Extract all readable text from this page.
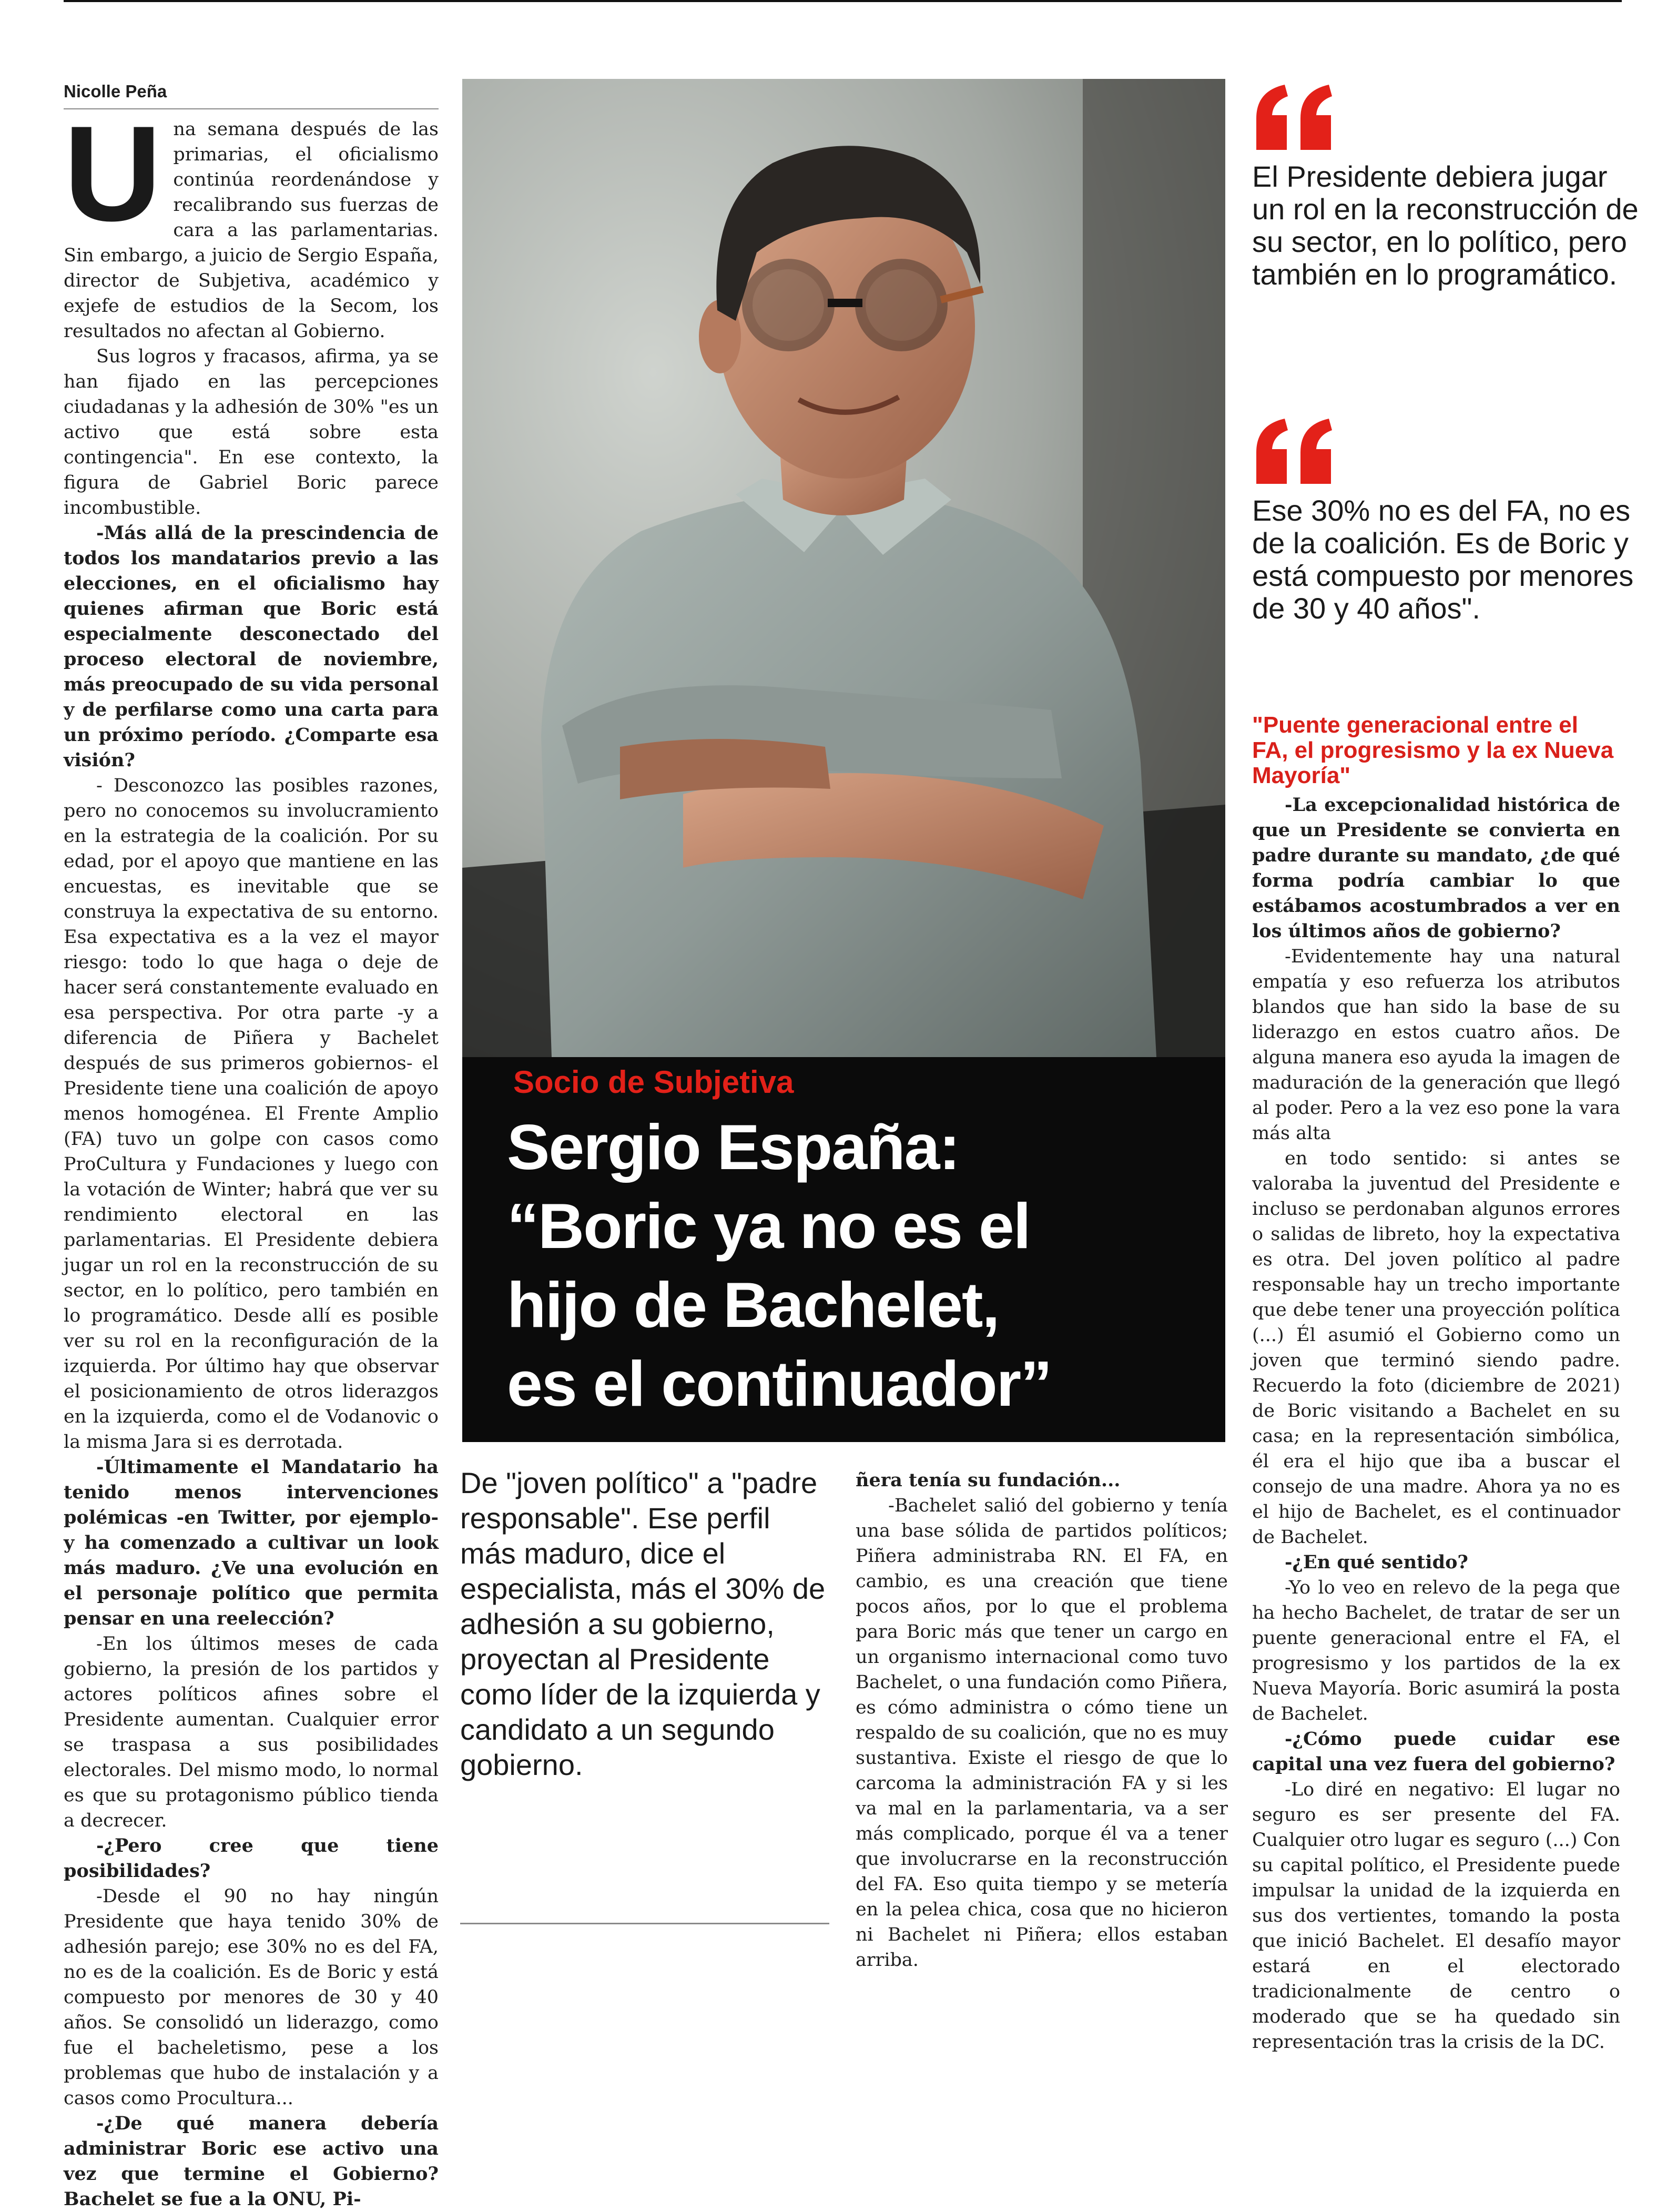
Nicolle Peña
U na semana después de las primarias, el oficialismo continúa reordenándose y recalibrando sus fuerzas de cara a las parlamentarias. Sin embargo, a juicio de Sergio España, director de Subjetiva, académico y exjefe de estudios de la Secom, los resultados no afectan al Gobierno.

Sus logros y fracasos, afirma, ya se han fijado en las percepciones ciudadanas y la adhesión de 30% "es un activo que está sobre esta contingencia". En ese contexto, la figura de Gabriel Boric parece incombustible.

-Más allá de la prescindencia de todos los mandatarios previo a las elecciones, en el oficialismo hay quienes afirman que Boric está especialmente desconectado del proceso electoral de noviembre, más preocupado de su vida personal y de perfilarse como una carta para un próximo período. ¿Comparte esa visión?

- Desconozco las posibles razones, pero no conocemos su involucramiento en la estrategia de la coalición. Por su edad, por el apoyo que mantiene en las encuestas, es inevitable que se construya la expectativa de su entorno. Esa expectativa es a la vez el mayor riesgo: todo lo que haga o deje de hacer será constantemente evaluado en esa perspectiva. Por otra parte -y a diferencia de Piñera y Bachelet después de sus primeros gobiernos- el Presidente tiene una coalición de apoyo menos homogénea. El Frente Amplio (FA) tuvo un golpe con casos como ProCultura y Fundaciones y luego con la votación de Winter; habrá que ver su rendimiento electoral en las parlamentarias. El Presidente debiera jugar un rol en la reconstrucción de su sector, en lo político, pero también en lo programático. Desde allí es posible ver su rol en la reconfiguración de la izquierda. Por último hay que observar el posicionamiento de otros liderazgos en la izquierda, como el de Vodanovic o la misma Jara si es derrotada.

-Últimamente el Mandatario ha tenido menos intervenciones polémicas -en Twitter, por ejemplo- y ha comenzado a cultivar un look más maduro. ¿Ve una evolución en el personaje político que permita pensar en una reelección?

-En los últimos meses de cada gobierno, la presión de los partidos y actores políticos afines sobre el Presidente aumentan. Cualquier error se traspasa a sus posibilidades electorales. Del mismo modo, lo normal es que su protagonismo público tienda a decrecer.

-¿Pero cree que tiene posibilidades?

-Desde el 90 no hay ningún Presidente que haya tenido 30% de adhesión parejo; ese 30% no es del FA, no es de la coalición. Es de Boric y está compuesto por menores de 30 y 40 años. Se consolidó un liderazgo, como fue el bacheletismo, pese a los problemas que hubo de instalación y a casos como Procultura...

-¿De qué manera debería administrar Boric ese activo una vez que termine el Gobierno? Bachelet se fue a la ONU, Pi-

Socio de Subjetiva
Sergio España:
“Boric ya no es el
hijo de Bachelet,
es el continuador”
De "joven político" a "padre responsable". Ese perfil más maduro, dice el especialista, más el 30% de adhesión a su gobierno, proyectan al Presidente como líder de la izquierda y candidato a un segundo gobierno.

ñera tenía su fundación...

-Bachelet salió del gobierno y tenía una base sólida de partidos políticos; Piñera administraba RN. El FA, en cambio, es una creación que tiene pocos años, por lo que el problema para Boric más que tener un cargo en un organismo internacional como tuvo Bachelet, o una fundación como Piñera, es cómo administra o cómo tiene un respaldo de su coalición, que no es muy sustantiva. Existe el riesgo de que lo carcoma la administración FA y si les va mal en la parlamentaria, va a ser más complicado, porque él va a tener que involucrarse en la reconstrucción del FA. Eso quita tiempo y se metería en la pelea chica, cosa que no hicieron ni Bachelet ni Piñera; ellos estaban arriba.

El Presidente debiera jugar un rol en la reconstrucción de su sector, en lo político, pero también en lo programático.
Ese 30% no es del FA, no es de la coalición. Es de Boric y está compuesto por menores de 30 y 40 años".
"Puente generacional entre el FA, el progresismo y la ex Nueva Mayoría"

-La excepcionalidad histórica de que un Presidente se convierta en padre durante su mandato, ¿de qué forma podría cambiar lo que estábamos acostumbrados a ver en los últimos años de gobierno?

-Evidentemente hay una natural empatía y eso refuerza los atributos blandos que han sido la base de su liderazgo en estos cuatro años. De alguna manera eso ayuda la imagen de maduración de la generación que llegó al poder. Pero a la vez eso pone la vara más alta

en todo sentido: si antes se valoraba la juventud del Presidente e incluso se perdonaban algunos errores o salidas de libreto, hoy la expectativa es otra. Del joven político al padre responsable hay un trecho importante que debe tener una proyección política (...) Él asumió el Gobierno como un joven que terminó siendo padre. Recuerdo la foto (diciembre de 2021) de Boric visitando a Bachelet en su casa; en la representación simbólica, él era el hijo que iba a buscar el consejo de una madre. Ahora ya no es el hijo de Bachelet, es el continuador de Bachelet.

-¿En qué sentido?

-Yo lo veo en relevo de la pega que ha hecho Bachelet, de tratar de ser un puente generacional entre el FA, el progresismo y los partidos de la ex Nueva Mayoría. Boric asumirá la posta de Bachelet.

-¿Cómo puede cuidar ese capital una vez fuera del gobierno?

-Lo diré en negativo: El lugar no seguro es ser presente del FA. Cualquier otro lugar es seguro (...) Con su capital político, el Presidente puede impulsar la unidad de la izquierda en sus dos vertientes, tomando la posta que inició Bachelet. El desafío mayor estará en el electorado tradicionalmente de centro o moderado que se ha quedado sin representación tras la crisis de la DC.
